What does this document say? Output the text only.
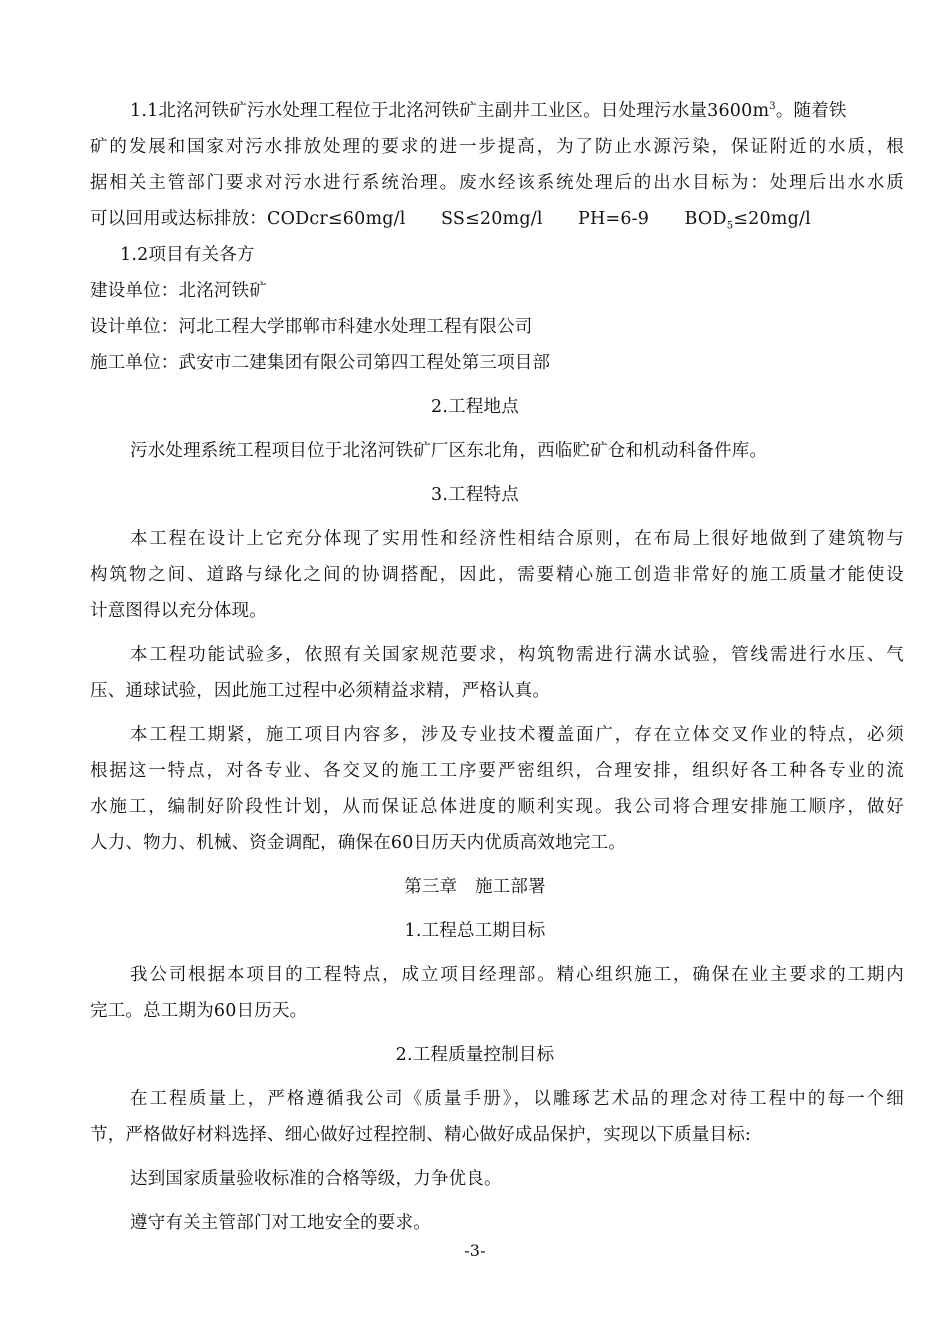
1.1北洺河铁矿污水处理工程位于北洺河铁矿主副井工业区。日处理污水量$3600m^3$。随着铁
矿的发展和国家对污水排放处理的要求的进一步提高，为了防止水源污染，保证附近的水质，根
据相关主管部门要求对污水进行系统治理。废水经该系统处理后的出水目标为：处理后出水水质
可以回用或达标排放：CODcr≤60mg/l　　SS≤20mg/l　　PH=6-9　　$BOD_5\le 20mg/l$
1.2项目有关各方
建设单位：北洺河铁矿
设计单位：河北工程大学邯郸市科建水处理工程有限公司
施工单位：武安市二建集团有限公司第四工程处第三项目部
2.工程地点
污水处理系统工程项目位于北洺河铁矿厂区东北角，西临贮矿仓和机动科备件库。
3.工程特点
本工程在设计上它充分体现了实用性和经济性相结合原则，在布局上很好地做到了建筑物与
构筑物之间、道路与绿化之间的协调搭配，因此，需要精心施工创造非常好的施工质量才能使设
计意图得以充分体现。
本工程功能试验多，依照有关国家规范要求，构筑物需进行满水试验，管线需进行水压、气
压、通球试验，因此施工过程中必须精益求精，严格认真。
本工程工期紧，施工项目内容多，涉及专业技术覆盖面广，存在立体交叉作业的特点，必须
根据这一特点，对各专业、各交叉的施工工序要严密组织，合理安排，组织好各工种各专业的流
水施工，编制好阶段性计划，从而保证总体进度的顺利实现。我公司将合理安排施工顺序，做好
人力、物力、机械、资金调配，确保在60日历天内优质高效地完工。
第三章　施工部署
1.工程总工期目标
我公司根据本项目的工程特点，成立项目经理部。精心组织施工，确保在业主要求的工期内
完工。总工期为60日历天。
2.工程质量控制目标
在工程质量上，严格遵循我公司《质量手册》，以雕琢艺术品的理念对待工程中的每一个细
节，严格做好材料选择、细心做好过程控制、精心做好成品保护，实现以下质量目标:
达到国家质量验收标准的合格等级，力争优良。
遵守有关主管部门对工地安全的要求。
-3-
